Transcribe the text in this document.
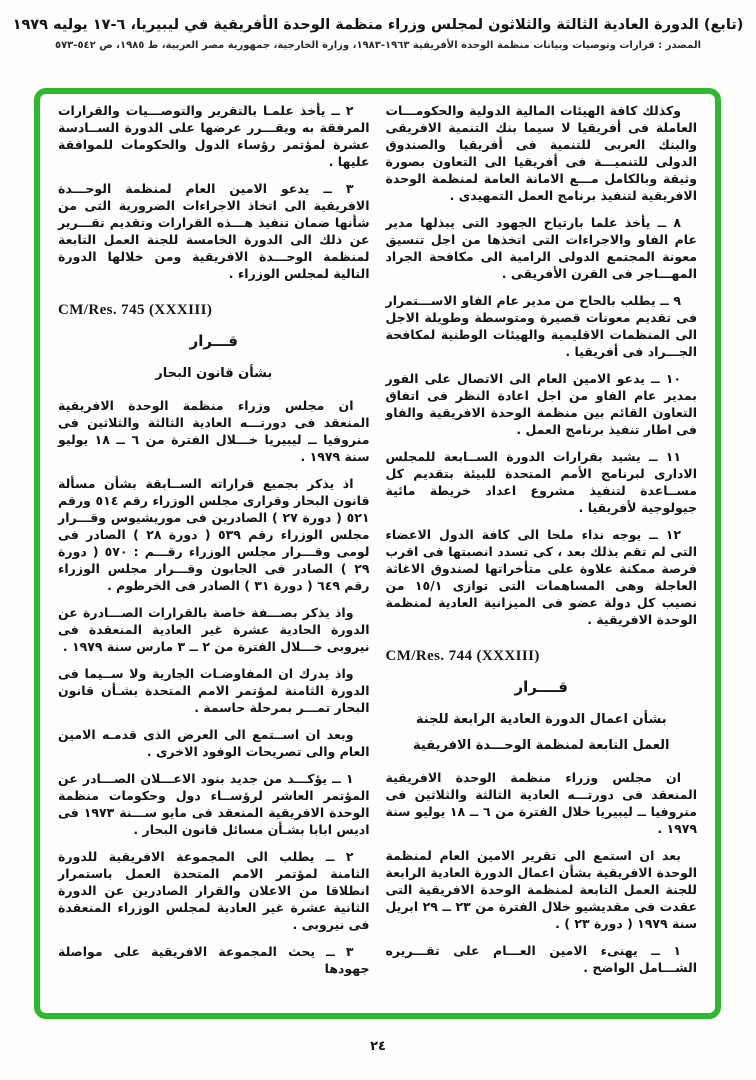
(تابع) الدورة العادية الثالثة والثلاثون لمجلس وزراء منظمة الوحدة الأفريقية في ليبيريا، ٦-١٧ يوليه ١٩٧٩
المصدر : قرارات وتوصيات وبيانات منظمة الوحدة الأفريقية ١٩٦٣-١٩٨٣، وزارة الخارجية، جمهورية مصر العربية، ط ١٩٨٥، ص ٥٤٢-٥٧٣

وكذلك كافة الهيئات المالية الدولية والحكومـــات العاملة فى أفريقيا لا سيما بنك التنمية الافريقى والبنك العربى للتنمية فى أفريقيا والصندوق الدولى للتنميـــة فى أفريقيا الى التعاون بصورة وثيقة وبالكامل مـــع الامانة العامة لمنظمة الوحدة الافريقية لتنفيذ برنامج العمل التمهيدى .

٨ ــ يأخذ علما بارتياح الجهود التى يبذلها مدير عام الفاو والاجراءات التى اتخذها من اجل تنسيق معونة المجتمع الدولى الرامية الى مكافحة الجراد المهـــاجر فى القرن الأفريقى .

٩ ــ يطلب بالحاح من مدير عام الفاو الاســـتمرار فى تقديم معونات قصيرة ومتوسطة وطويلة الاجل الى المنظمات الاقليمية والهيئات الوطنية لمكافحة الجـــراد فى أفريقيا .

١٠ ــ يدعو الامين العام الى الاتصال على الفور بمدير عام الفاو من اجل اعادة النظر فى اتفاق التعاون القائم بين منظمة الوحدة الافريقية والفاو فى اطار تنفيذ برنامج العمل .

١١ ــ يشيد بقرارات الدورة الســابعة للمجلس الادارى لبرنامج الأمم المتحدة للبيئة بتقديم كل مســاعدة لتنفيذ مشروع اعداد خريطة مائية جيولوجية لأفريقيا .

١٢ ــ يوجه نداء ملحا الى كافة الدول الاعضاء التى لم تقم بذلك بعد ، كى تسدد انصبتها فى اقرب فرصة ممكنة علاوة على متأخراتها لصندوق الاغاثة العاجلة وهى المساهمات التى توازى ١٥/١ من نصيب كل دولة عضو فى الميزانية العادية لمنظمة الوحدة الافريقية .

CM/Res. 744 (XXXIII)

قــــرار
بشأن اعمال الدورة العادية الرابعة للجنة
العمل التابعة لمنظمة الوحـــدة الافريقية

ان مجلس وزراء منظمة الوحدة الافريقية المنعقد فى دورتـــه العادية الثالثة والثلاثين فى منروفيا ــ ليبيريا خلال الفترة من ٦ ــ ١٨ يوليو سنة ١٩٧٩ .

بعد ان استمع الى تقرير الامين العام لمنظمة الوحدة الافريقية بشأن اعمال الدورة العادية الرابعة للجنة العمل التابعة لمنظمة الوحدة الافريقية التى عقدت فى مقديشيو خلال الفترة من ٢٣ ــ ٢٩ ابريل سنة ١٩٧٩ ( دورة ٢٣ ) .

١ ــ يهنىء الامين العـــام على تقـــريره الشـــامل الواضح .

٢ ــ يأخذ علمـا بالتقرير والتوصـــيات والقرارات المرفقة به ويقـــرر عرضها على الدورة الســادسة عشرة لمؤتمر رؤساء الدول والحكومات للموافقة عليها .

٣ ــ يدعو الامين العام لمنظمة الوحـــدة الافريقية الى اتخاذ الاجراءات الضرورية التى من شأنها ضمان تنفيذ هـــذه القرارات وتقديم تقـــرير عن ذلك الى الدورة الخامسة للجنة العمل التابعة لمنظمة الوحـــدة الافريقية ومن خلالها الدورة التالية لمجلس الوزراء .

CM/Res. 745 (XXXIII)

قـــرار
بشأن قانون البحار

ان مجلس وزراء منظمة الوحدة الافريقية المنعقد فى دورتـــه العادية الثالثة والثلاثين فى منروفيا ــ ليبيريا خـــلال الفترة من ٦ ــ ١٨ يوليو سنة ١٩٧٩ .

اذ يذكر بجميع قراراته الســابقة بشأن مسألة قانون البحار وقرارى مجلس الوزراء رقم ٥١٤ ورقم ٥٢١ ( دورة ٢٧ ) الصادرين فى موريشيوس وقـــرار مجلس الوزراء رقم ٥٣٩ ( دورة ٢٨ ) الصادر فى لومى وقـــرار مجلس الوزراء رقـــم : ٥٧٠ ( دورة ٢٩ ) الصادر فى الجابون وقـــرار مجلس الوزراء رقم ٦٤٩ ( دورة ٣١ ) الصادر فى الخرطوم .

واذ يذكر بصـــفة خاصة بالقرارات الصـــادرة عن الدورة الحادية عشرة غير العادية المنعقدة فى نيروبى خـــلال الفترة من ٢ ــ ٣ مارس سنة ١٩٧٩ .

واذ يدرك ان المفاوضـات الجارية ولا ســيما فى الدورة الثامنة لمؤتمر الامم المتحدة بشـأن قانون البحار تمـــر بمرحلة حاسمة .

وبعد ان اســتمع الى العرض الذى قدمـه الامين العام والى تصريحات الوفود الاخرى .

١ ــ يؤكـــد من جديد بنود الاعـــلان الصـــادر عن المؤتمر العاشر لرؤســاء دول وحكومات منظمة الوحدة الافريقية المنعقد فى مايو ســـنة ١٩٧٣ فى اديس ابابا بشـأن مسائل قانون البحار .

٢ ــ يطلب الى المجموعة الافريقية للدورة الثامنة لمؤتمر الامم المتحدة العمل باستمرار انطلاقا من الاعلان والقرار الصادرين عن الدورة الثانية عشرة غير العادية لمجلس الوزراء المنعقدة فى نيروبى .

٣ ــ يحث المجموعة الافريقية على مواصلة جهودها

٢٤
